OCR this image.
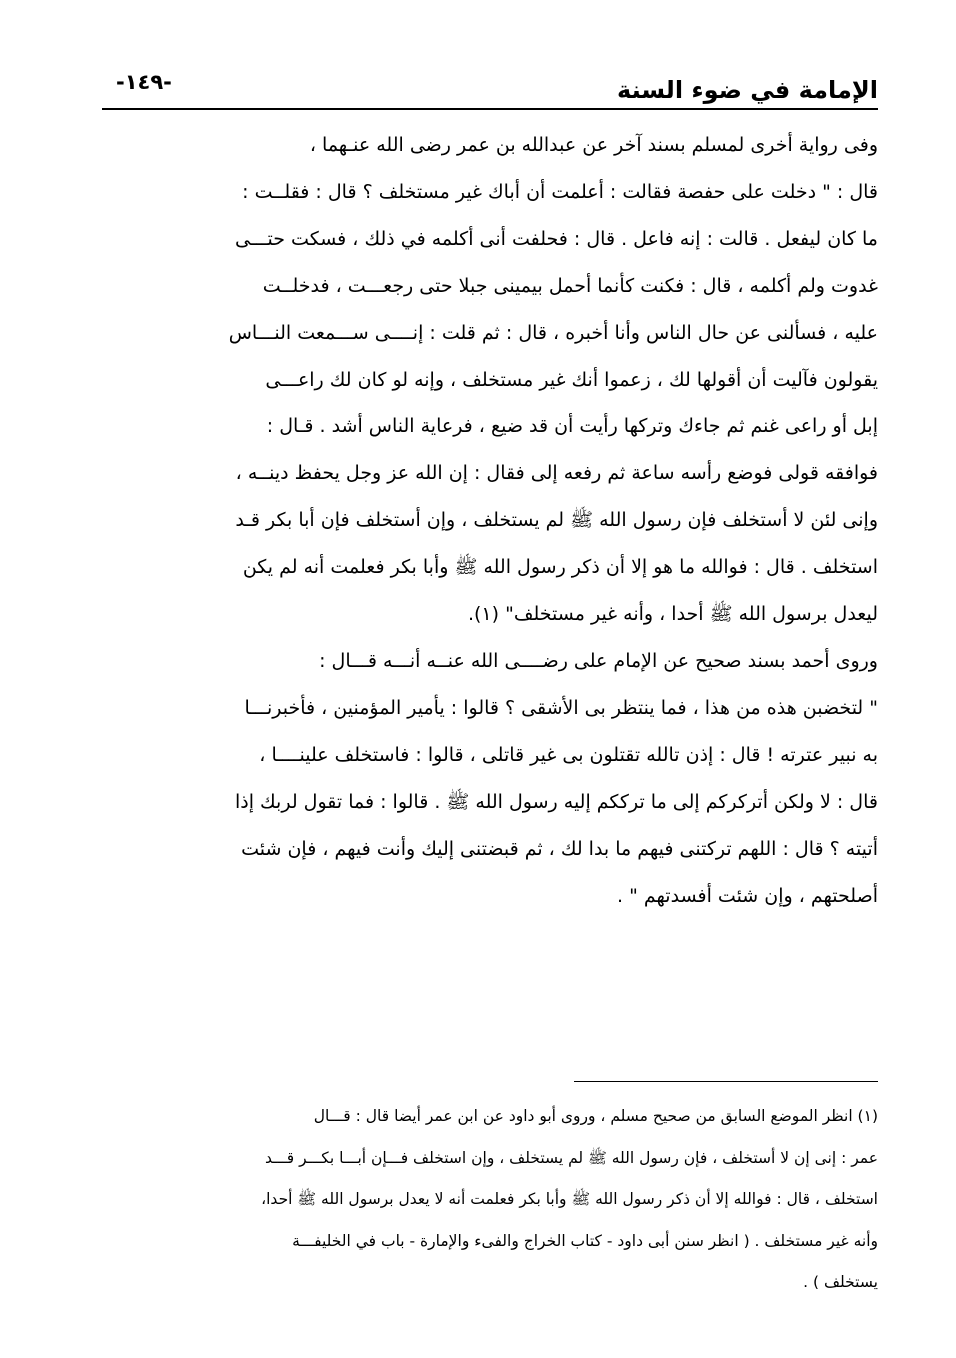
-١٤٩-	الإمامة في ضوء السنة
وفى رواية أخرى لمسلم بسند آخر عن عبدالله بن عمر رضى الله عنـهما ،
قال : " دخلت على حفصة فقالت : أعلمت أن أباك غير مستخلف ؟ قال : فقلــت :
ما كان ليفعل . قالت : إنه فاعل . قال : فحلفت أنى أكلمه في ذلك ، فسكت حتـــى
غدوت ولم أكلمه ، قال : فكنت كأنما أحمل بيمينى جبلا حتى رجعـــت ، فدخلــت
عليه ، فسألنى عن حال الناس وأنا أخبره ، قال : ثم قلت : إنــــى ســـمعت النـــاس
يقولون فآليت أن أقولها لك ، زعموا أنك غير مستخلف ، وإنه لو كان لك راعـــى
إبل أو راعى غنم ثم جاءك وتركها رأيت أن قد ضيع ، فرعاية الناس أشد . قـال :
فوافقه قولى فوضع رأسه ساعة ثم رفعه إلى فقال : إن الله عز وجل يحفظ دينــه ،
وإنى لئن لا أستخلف فإن رسول الله ﷺ لم يستخلف ، وإن أستخلف فإن أبا بكر قـد
استخلف . قال : فوالله ما هو إلا أن ذكر رسول الله ﷺ وأبا بكر فعلمت أنه لم يكن
ليعدل برسول الله ﷺ أحدا ، وأنه غير مستخلف" (١).
وروى أحمد بسند صحيح عن الإمام على رضــــى الله عنــه أنـــه قـــال :
" لتخضبن هذه من هذا ، فما ينتظر بى الأشقى ؟ قالوا : يأمير المؤمنين ، فأخبرنـــا
به نبير عترته ! قال : إذن تالله تقتلون بى غير قاتلى ، قالوا : فاستخلف علينــــا ،
قال : لا ولكن أتركركم إلى ما ترككم إليه رسول الله ﷺ . قالوا : فما تقول لربك إذا
أتيته ؟ قال : اللهم تركتنى فيهم ما بدا لك ، ثم قبضتنى إليك وأنت فيهم ، فإن شئت
أصلحتهم ، وإن شئت أفسدتهم " .
(١) انظر الموضع السابق من صحيح مسلم ، وروى أبو داود عن ابن عمر أيضا قال : قـــال
عمر : إنى إن لا أستخلف ، فإن رسول الله ﷺ لم يستخلف ، وإن استخلف فـــإن أبـــا بكـــر قـــد
استخلف ، قال : فوالله إلا أن ذكر رسول الله ﷺ وأبا بكر فعلمت أنه لا يعدل برسول الله ﷺ أحدا،
وأنه غير مستخلف . ( انظر سنن أبى داود - كتاب الخراج والفىء والإمارة - باب في الخليفـــة
يستخلف ) .
